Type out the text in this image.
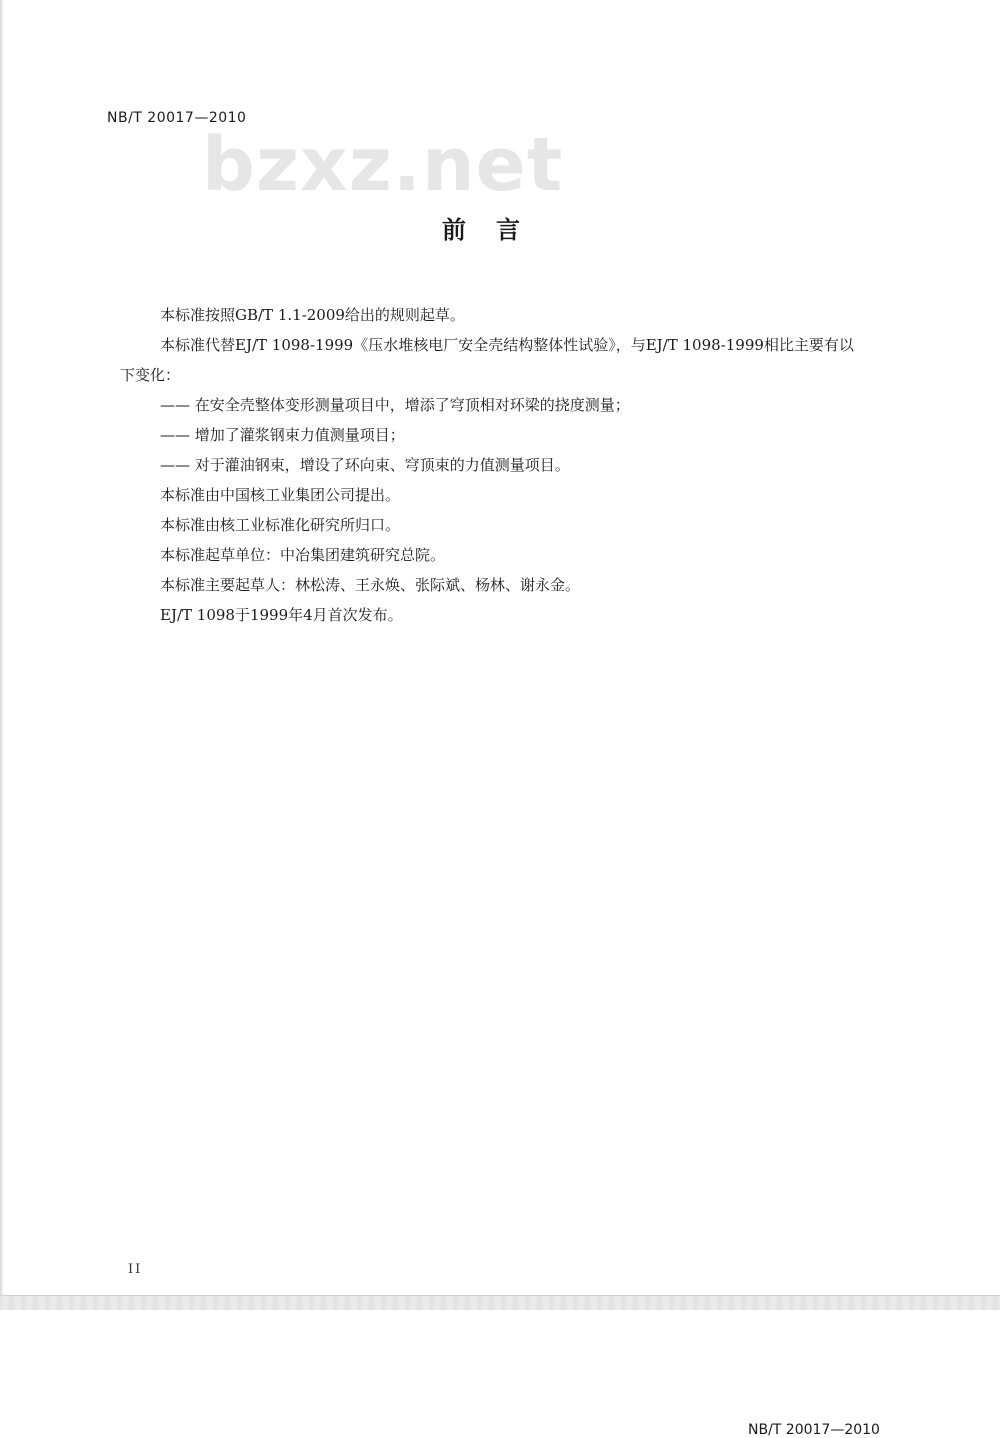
NB/T 20017—2010
bzxz.net
前言

本标准按照GB/T 1.1-2009给出的规则起草。

本标准代替EJ/T 1098-1999《压水堆核电厂安全壳结构整体性试验》，与EJ/T 1098-1999相比主要有以下变化：

—— 在安全壳整体变形测量项目中，增添了穹顶相对环梁的挠度测量；

—— 增加了灌浆钢束力值测量项目；

—— 对于灌油钢束，增设了环向束、穹顶束的力值测量项目。

本标准由中国核工业集团公司提出。

本标准由核工业标准化研究所归口。

本标准起草单位：中冶集团建筑研究总院。

本标准主要起草人：林松涛、王永焕、张际斌、杨林、谢永金。

EJ/T 1098于1999年4月首次发布。

II
NB/T 20017—2010
